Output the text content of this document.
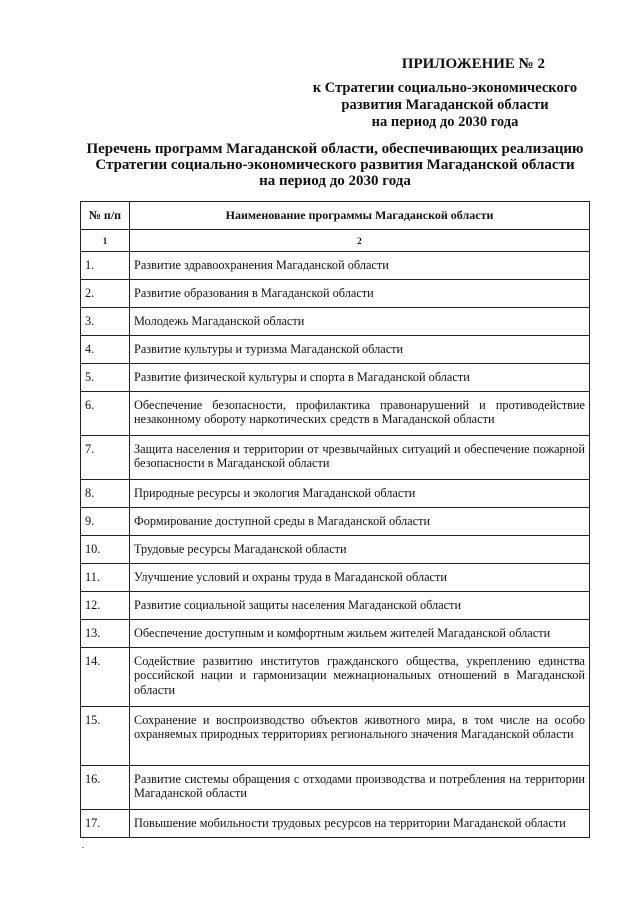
ПРИЛОЖЕНИЕ № 2
к Стратегии социально-экономического
развития Магаданской области
на период до 2030 года
Перечень программ Магаданской области, обеспечивающих реализацию
Стратегии социально-экономического развития Магаданской области
на период до 2030 года
№ п/п	Наименование программы Магаданской области
1	2
1.	Развитие здравоохранения Магаданской области
2.	Развитие образования в Магаданской области
3.	Молодежь Магаданской области
4.	Развитие культуры и туризма Магаданской области
5.	Развитие физической культуры и спорта в Магаданской области
6.	Обеспечение безопасности, профилактика правонарушений и противодействие незаконному обороту наркотических средств в Магаданской области
7.	Защита населения и территории от чрезвычайных ситуаций и обеспечение пожарной безопасности в Магаданской области
8.	Природные ресурсы и экология Магаданской области
9.	Формирование доступной среды в Магаданской области
10.	Трудовые ресурсы Магаданской области
11.	Улучшение условий и охраны труда в Магаданской области
12.	Развитие социальной защиты населения Магаданской области
13.	Обеспечение доступным и комфортным жильем жителей Магаданской области
14.	Содействие развитию институтов гражданского общества, укреплению единства российской нации и гармонизации межнациональных отношений в Магаданской области
15.	Сохранение и воспроизводство объектов животного мира, в том числе на особо охраняемых природных территориях регионального значения Магаданской области
16.	Развитие системы обращения с отходами производства и потребления на территории Магаданской области
17.	Повышение мобильности трудовых ресурсов на территории Магаданской области
